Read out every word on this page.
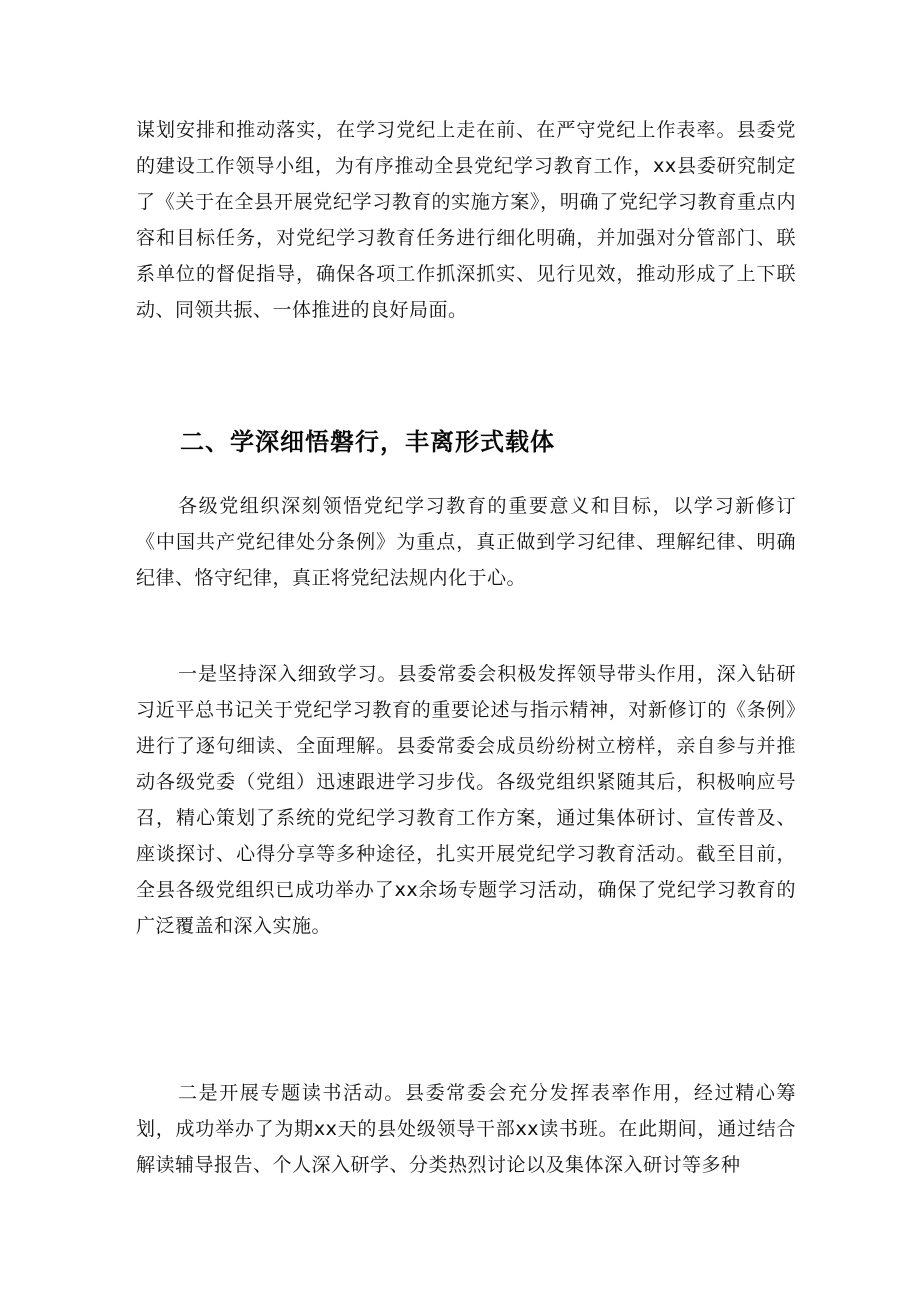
谋划安排和推动落实，在学习党纪上走在前、在严守党纪上作表率。县委党的建设工作领导小组，为有序推动全县党纪学习教育工作，xx县委研究制定了《关于在全县开展党纪学习教育的实施方案》，明确了党纪学习教育重点内容和目标任务，对党纪学习教育任务进行细化明确，并加强对分管部门、联系单位的督促指导，确保各项工作抓深抓实、见行见效，推动形成了上下联动、同领共振、一体推进的良好局面。

二、学深细悟磐行，丰离形式载体

各级党组织深刻领悟党纪学习教育的重要意义和目标，以学习新修订《中国共产党纪律处分条例》为重点，真正做到学习纪律、理解纪律、明确纪律、恪守纪律，真正将党纪法规内化于心。

一是坚持深入细致学习。县委常委会积极发挥领导带头作用，深入钻研习近平总书记关于党纪学习教育的重要论述与指示精神，对新修订的《条例》进行了逐句细读、全面理解。县委常委会成员纷纷树立榜样，亲自参与并推动各级党委（党组）迅速跟进学习步伐。各级党组织紧随其后，积极响应号召，精心策划了系统的党纪学习教育工作方案，通过集体研讨、宣传普及、座谈探讨、心得分享等多种途径，扎实开展党纪学习教育活动。截至目前，全县各级党组织已成功举办了xx余场专题学习活动，确保了党纪学习教育的广泛覆盖和深入实施。

二是开展专题读书活动。县委常委会充分发挥表率作用，经过精心筹划，成功举办了为期xx天的县处级领导干部xx读书班。在此期间，通过结合解读辅导报告、个人深入研学、分类热烈讨论以及集体深入研讨等多种
